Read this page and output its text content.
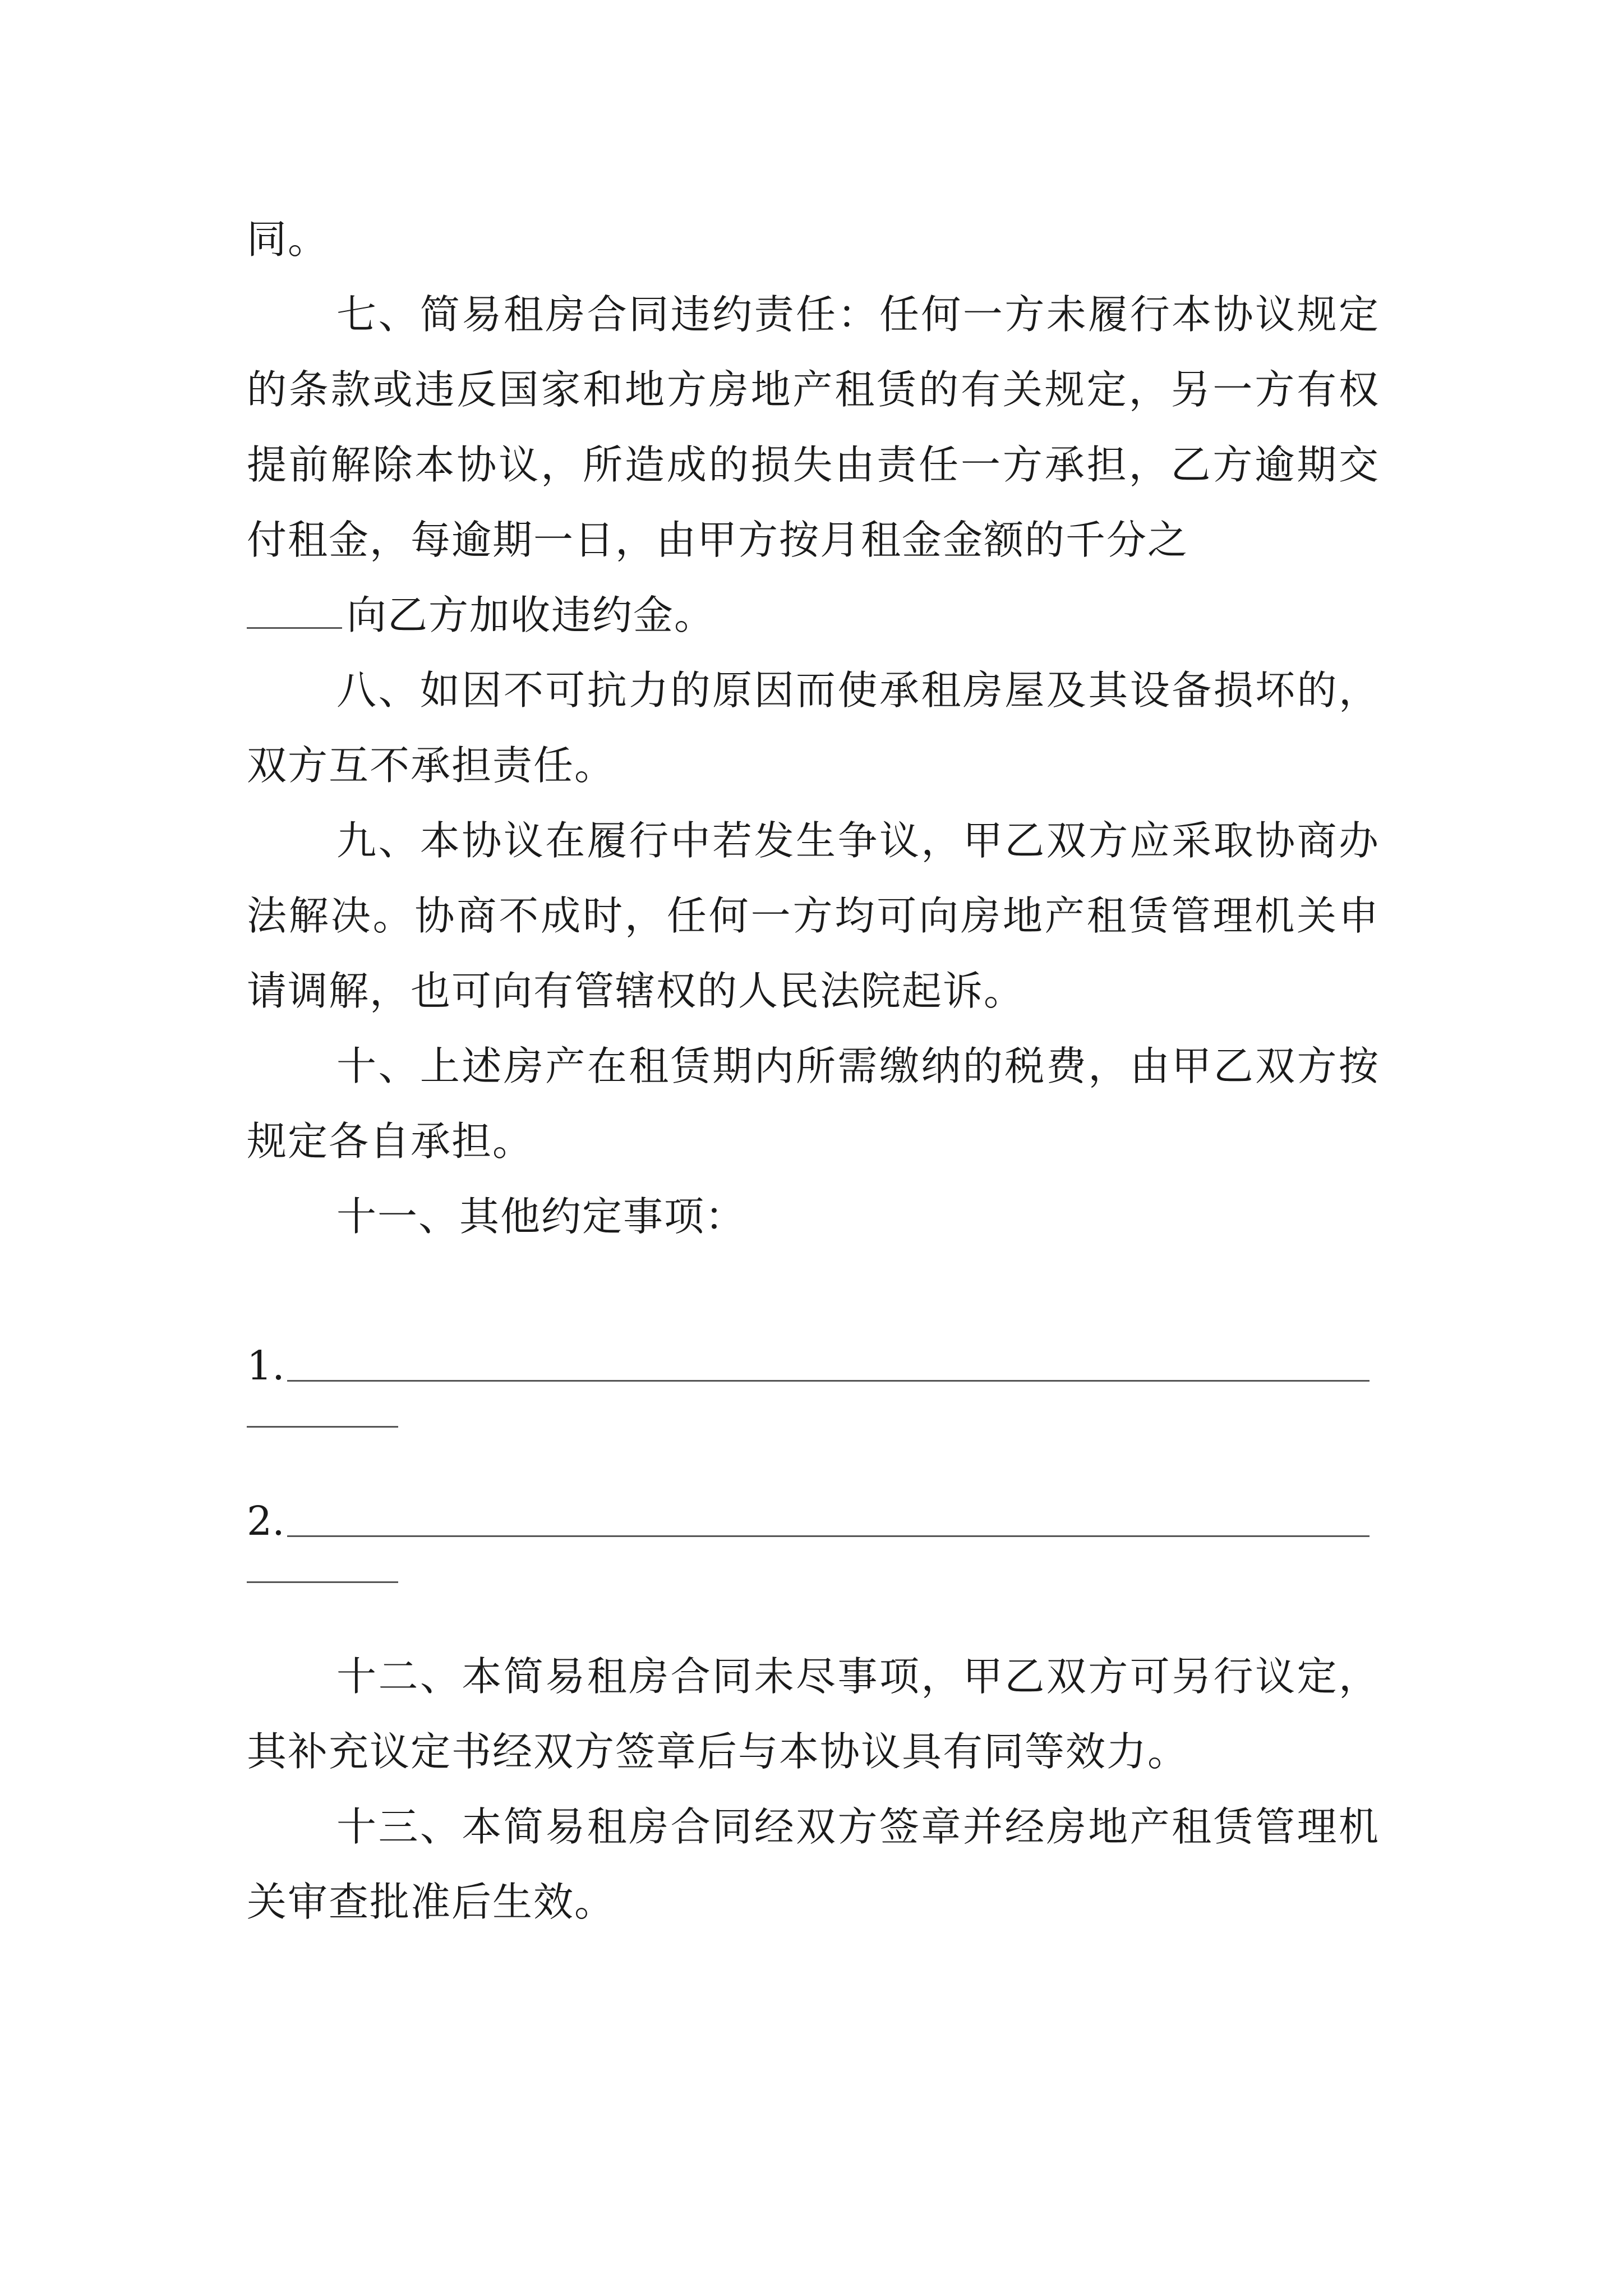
同。

七、简易租房合同违约责任：任何一方未履行本协议规定的条款或违反国家和地方房地产租赁的有关规定，另一方有权提前解除本协议，所造成的损失由责任一方承担，乙方逾期交付租金，每逾期一日，由甲方按月租金金额的千分之
向乙方加收违约金。

八、如因不可抗力的原因而使承租房屋及其设备损坏的，双方互不承担责任。

九、本协议在履行中若发生争议，甲乙双方应采取协商办法解决。协商不成时，任何一方均可向房地产租赁管理机关申请调解，也可向有管辖权的人民法院起诉。

十、上述房产在租赁期内所需缴纳的税费，由甲乙双方按规定各自承担。

十一、其他约定事项：

1.
2.

十二、本简易租房合同未尽事项，甲乙双方可另行议定，其补充议定书经双方签章后与本协议具有同等效力。

十三、本简易租房合同经双方签章并经房地产租赁管理机关审查批准后生效。
